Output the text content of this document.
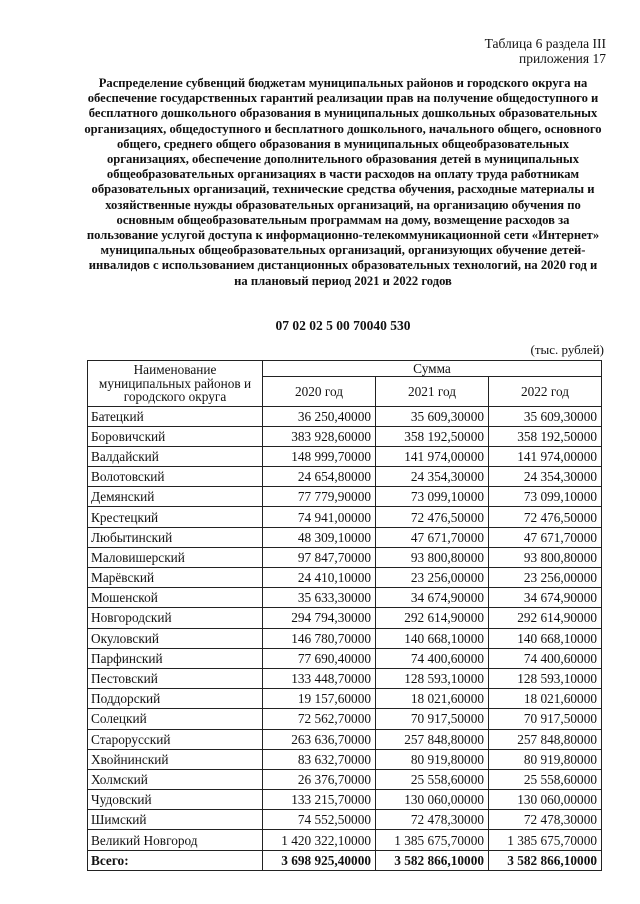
Таблица 6 раздела III
приложения 17
Распределение субвенций бюджетам муниципальных районов и городского округа на обеспечение государственных гарантий реализации прав на получение общедоступного и бесплатного дошкольного образования в муниципальных дошкольных образовательных организациях, общедоступного и бесплатного дошкольного, начального общего, основного общего, среднего общего образования в муниципальных общеобразовательных организациях, обеспечение дополнительного образования детей в муниципальных общеобразовательных организациях в части расходов на оплату труда работникам образовательных организаций, технические средства обучения, расходные материалы и хозяйственные нужды образовательных организаций, на организацию обучения по основным общеобразовательным программам на дому, возмещение расходов за пользование услугой доступа к информационно-телекоммуникационной сети «Интернет» муниципальных общеобразовательных организаций, организующих обучение детей-инвалидов с использованием дистанционных образовательных технологий, на 2020 год и на плановый период 2021 и 2022 годов
07 02 02 5 00 70040 530
(тыс. рублей)
Наименование муниципальных районов и городского округа	Сумма		
	2020 год	2021 год	2022 год
Батецкий	36 250,40000	35 609,30000	35 609,30000
Боровичский	383 928,60000	358 192,50000	358 192,50000
Валдайский	148 999,70000	141 974,00000	141 974,00000
Волотовский	24 654,80000	24 354,30000	24 354,30000
Демянский	77 779,90000	73 099,10000	73 099,10000
Крестецкий	74 941,00000	72 476,50000	72 476,50000
Любытинский	48 309,10000	47 671,70000	47 671,70000
Маловишерский	97 847,70000	93 800,80000	93 800,80000
Марёвский	24 410,10000	23 256,00000	23 256,00000
Мошенской	35 633,30000	34 674,90000	34 674,90000
Новгородский	294 794,30000	292 614,90000	292 614,90000
Окуловский	146 780,70000	140 668,10000	140 668,10000
Парфинский	77 690,40000	74 400,60000	74 400,60000
Пестовский	133 448,70000	128 593,10000	128 593,10000
Поддорский	19 157,60000	18 021,60000	18 021,60000
Солецкий	72 562,70000	70 917,50000	70 917,50000
Старорусский	263 636,70000	257 848,80000	257 848,80000
Хвойнинский	83 632,70000	80 919,80000	80 919,80000
Холмский	26 376,70000	25 558,60000	25 558,60000
Чудовский	133 215,70000	130 060,00000	130 060,00000
Шимский	74 552,50000	72 478,30000	72 478,30000
Великий Новгород	1 420 322,10000	1 385 675,70000	1 385 675,70000
Всего:	3 698 925,40000	3 582 866,10000	3 582 866,10000
